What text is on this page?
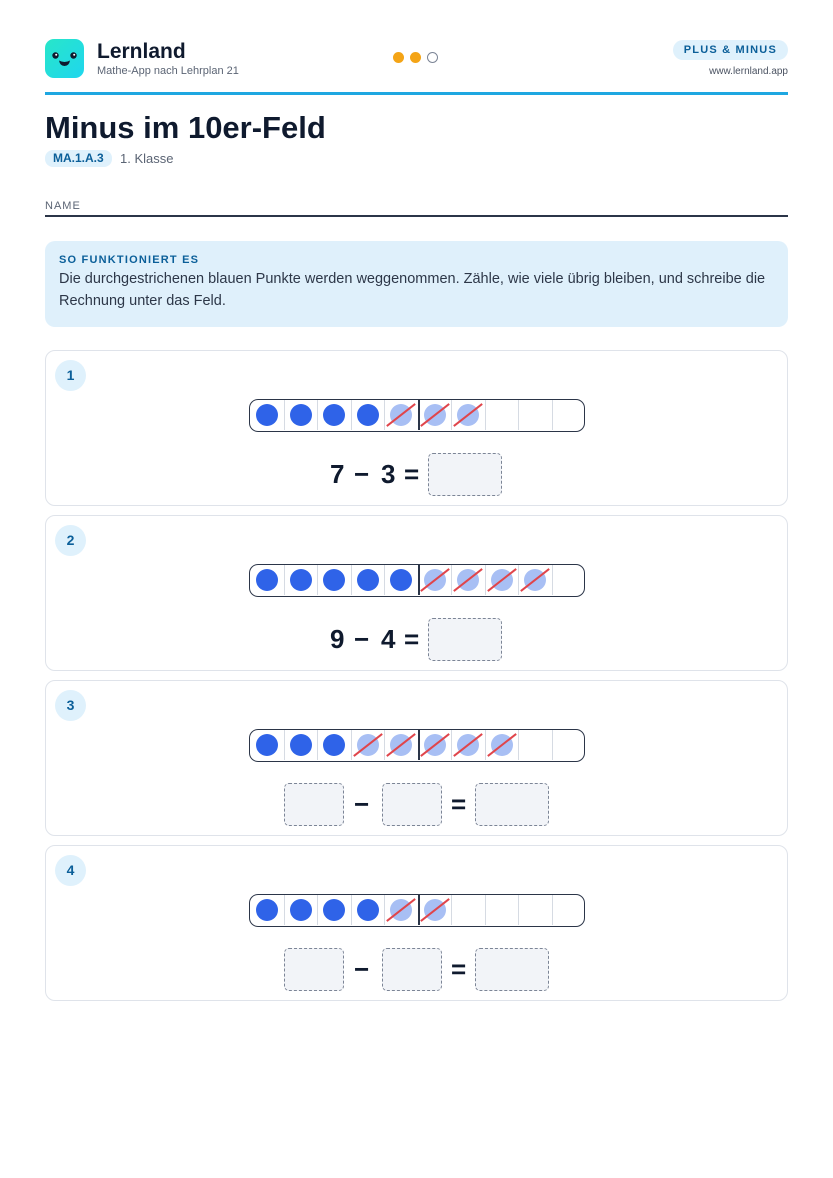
Lernland
Mathe-App nach Lehrplan 21
PLUS & MINUS
www.lernland.app
Minus im 10er-Feld
MA.1.A.3	1. Klasse
NAME
SO FUNKTIONIERT ES
Die durchgestrichenen blauen Punkte werden weggenommen. Zähle, wie viele übrig bleiben, und schreibe die Rechnung unter das Feld.
1
7 − 3 =
2
9 − 4 =
3
−	=
4
−	=
